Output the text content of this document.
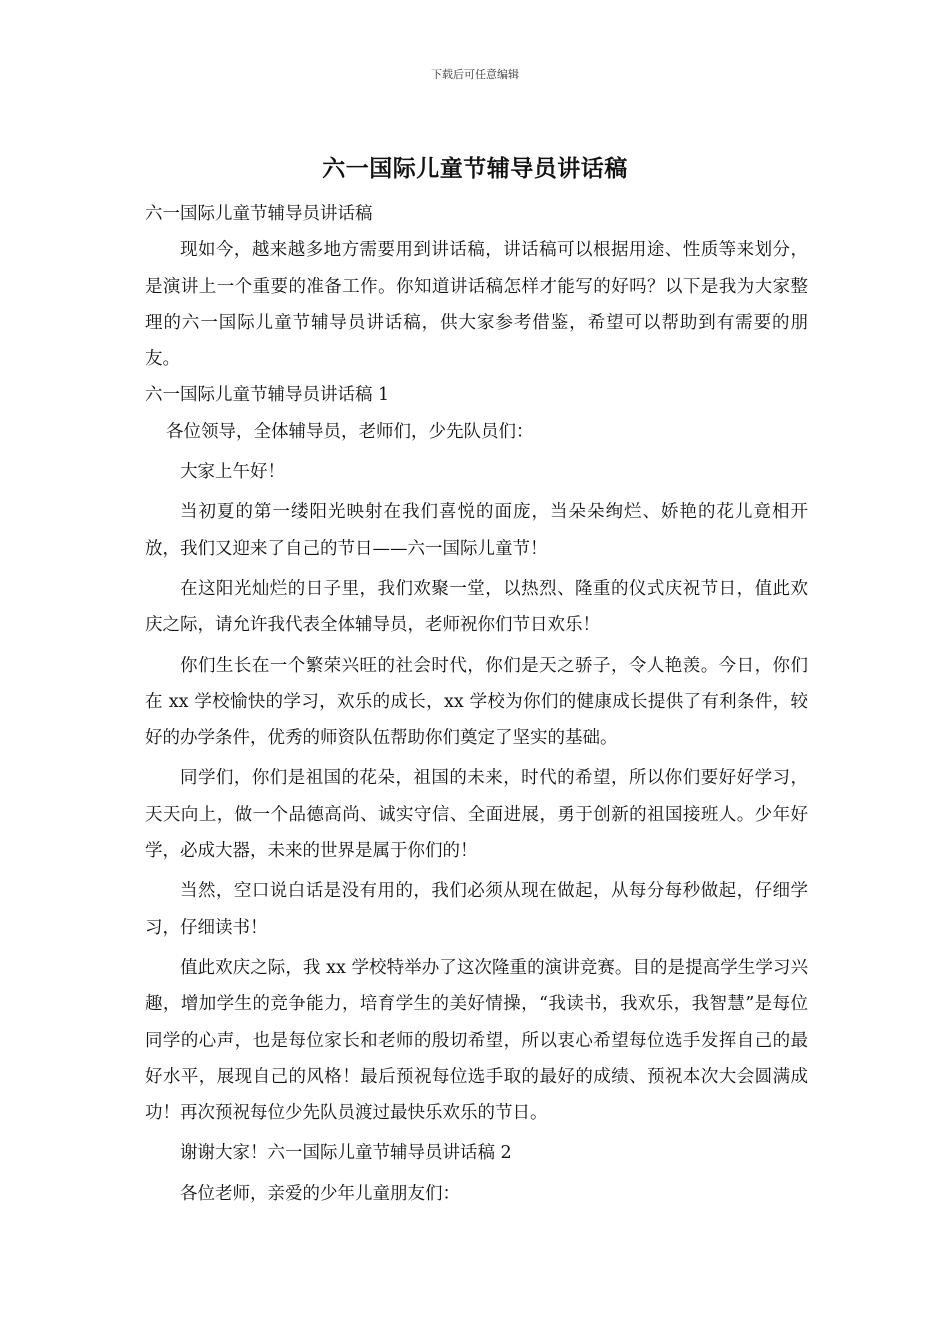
下载后可任意编辑
六一国际儿童节辅导员讲话稿

六一国际儿童节辅导员讲话稿

现如今，越来越多地方需要用到讲话稿，讲话稿可以根据用途、性质等来划分，是演讲上一个重要的准备工作。你知道讲话稿怎样才能写的好吗？以下是我为大家整理的六一国际儿童节辅导员讲话稿，供大家参考借鉴，希望可以帮助到有需要的朋友。

六一国际儿童节辅导员讲话稿 1

各位领导，全体辅导员，老师们，少先队员们：

大家上午好！

当初夏的第一缕阳光映射在我们喜悦的面庞，当朵朵绚烂、娇艳的花儿竟相开放，我们又迎来了自己的节日——六一国际儿童节！

在这阳光灿烂的日子里，我们欢聚一堂，以热烈、隆重的仪式庆祝节日，值此欢庆之际，请允许我代表全体辅导员，老师祝你们节日欢乐！

你们生长在一个繁荣兴旺的社会时代，你们是天之骄子，令人艳羡。今日，你们在 xx 学校愉快的学习，欢乐的成长，xx 学校为你们的健康成长提供了有利条件，较好的办学条件，优秀的师资队伍帮助你们奠定了坚实的基础。

同学们，你们是祖国的花朵，祖国的未来，时代的希望，所以你们要好好学习，天天向上，做一个品德高尚、诚实守信、全面进展，勇于创新的祖国接班人。少年好学，必成大器，未来的世界是属于你们的！

当然，空口说白话是没有用的，我们必须从现在做起，从每分每秒做起，仔细学习，仔细读书！

值此欢庆之际，我 xx 学校特举办了这次隆重的演讲竞赛。目的是提高学生学习兴趣，增加学生的竞争能力，培育学生的美好情操，“我读书，我欢乐，我智慧”是每位同学的心声，也是每位家长和老师的殷切希望，所以衷心希望每位选手发挥自己的最好水平，展现自己的风格！最后预祝每位选手取的最好的成绩、预祝本次大会圆满成功！再次预祝每位少先队员渡过最快乐欢乐的节日。

谢谢大家！六一国际儿童节辅导员讲话稿 2

各位老师，亲爱的少年儿童朋友们：
